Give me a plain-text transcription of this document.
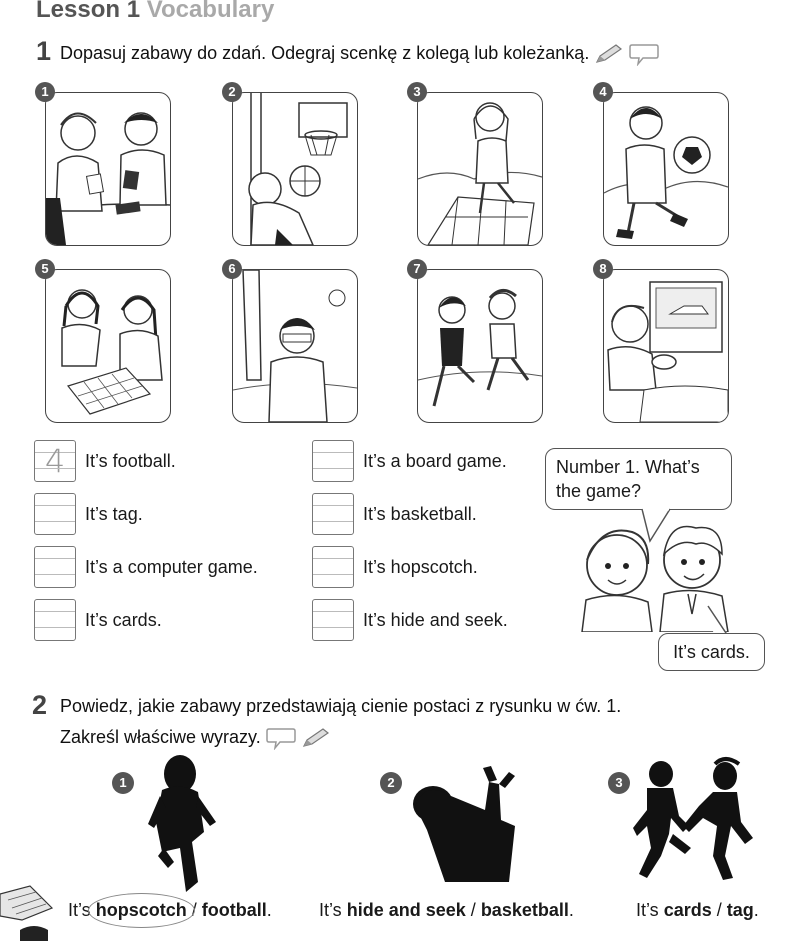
Lesson 1 Vocabulary
1 Dopasuj zabawy do zdań. Odegraj scenkę z kolegą lub koleżanką.
1	2	3	4
5	6	7	8
4	It’s football.
It’s tag.
It’s a computer game.
It’s cards.
It’s a board game.
It’s basketball.
It’s hopscotch.
It’s hide and seek.
Number 1. What’s the game?
It’s cards.
2 Powiedz, jakie zabawy przedstawiają cienie postaci z rysunku w ćw. 1.
Zakreśl właściwe wyrazy.
1	2	3
It’s hopscotch / football.	It’s hide and seek / basketball.	It’s cards / tag.
